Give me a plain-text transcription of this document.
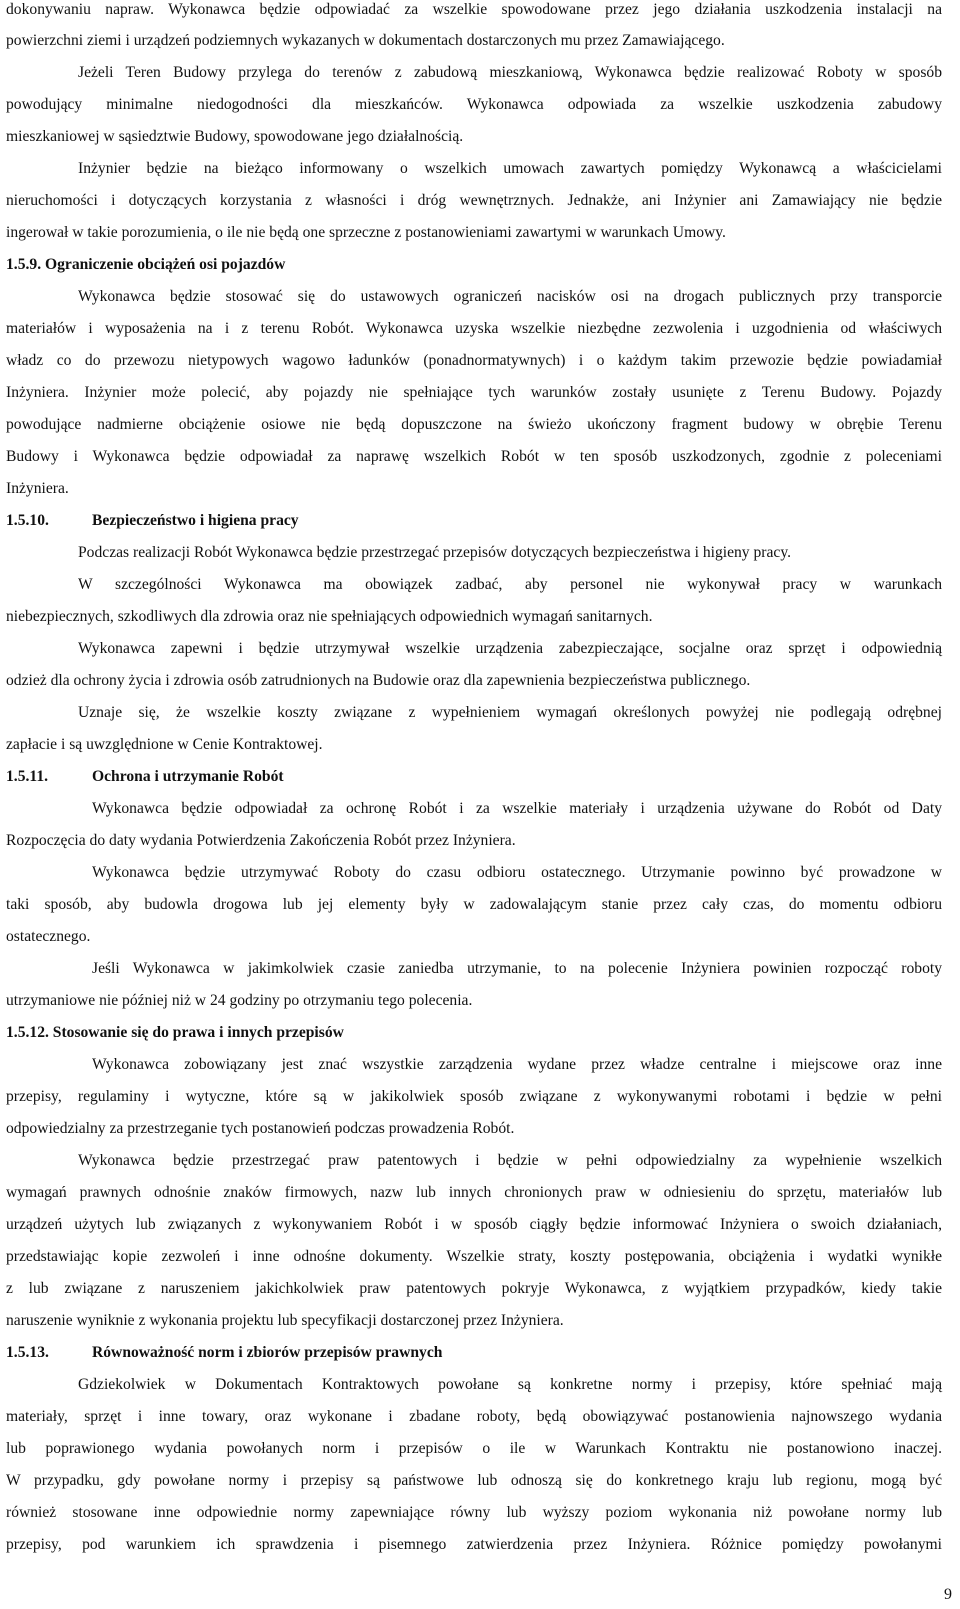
dokonywaniu napraw. Wykonawca będzie odpowiadać za wszelkie spowodowane przez jego działania uszkodzenia instalacji na
powierzchni ziemi i urządzeń podziemnych wykazanych w dokumentach dostarczonych mu przez Zamawiającego.
Jeżeli Teren Budowy przylega do terenów z zabudową mieszkaniową, Wykonawca będzie realizować Roboty w sposób
powodujący minimalne niedogodności dla mieszkańców. Wykonawca odpowiada za wszelkie uszkodzenia zabudowy
mieszkaniowej w sąsiedztwie Budowy, spowodowane jego działalnością.
Inżynier będzie na bieżąco informowany o wszelkich umowach zawartych pomiędzy Wykonawcą a właścicielami
nieruchomości i dotyczących korzystania z własności i dróg wewnętrznych. Jednakże, ani Inżynier ani Zamawiający nie będzie
ingerował w takie porozumienia, o ile nie będą one sprzeczne z postanowieniami zawartymi w warunkach Umowy.
1.5.9. Ograniczenie obciążeń osi pojazdów
Wykonawca będzie stosować się do ustawowych ograniczeń nacisków osi na drogach publicznych przy transporcie
materiałów i wyposażenia na i z terenu Robót. Wykonawca uzyska wszelkie niezbędne zezwolenia i uzgodnienia od właściwych
władz co do przewozu nietypowych wagowo ładunków (ponadnormatywnych) i o każdym takim przewozie będzie powiadamiał
Inżyniera. Inżynier może polecić, aby pojazdy nie spełniające tych warunków zostały usunięte z Terenu Budowy. Pojazdy
powodujące nadmierne obciążenie osiowe nie będą dopuszczone na świeżo ukończony fragment budowy w obrębie Terenu
Budowy i Wykonawca będzie odpowiadał za naprawę wszelkich Robót w ten sposób uszkodzonych, zgodnie z poleceniami
Inżyniera.
1.5.10.	Bezpieczeństwo i higiena pracy
Podczas realizacji Robót Wykonawca będzie przestrzegać przepisów dotyczących bezpieczeństwa i higieny pracy.
W szczególności Wykonawca ma obowiązek zadbać, aby personel nie wykonywał pracy w warunkach
niebezpiecznych, szkodliwych dla zdrowia oraz nie spełniających odpowiednich wymagań sanitarnych.
Wykonawca zapewni i będzie utrzymywał wszelkie urządzenia zabezpieczające, socjalne oraz sprzęt i odpowiednią
odzież dla ochrony życia i zdrowia osób zatrudnionych na Budowie oraz dla zapewnienia bezpieczeństwa publicznego.
Uznaje się, że wszelkie koszty związane z wypełnieniem wymagań określonych powyżej nie podlegają odrębnej
zapłacie i są uwzględnione w Cenie Kontraktowej.
1.5.11.	Ochrona i utrzymanie Robót
Wykonawca będzie odpowiadał za ochronę Robót i za wszelkie materiały i urządzenia używane do Robót od Daty
Rozpoczęcia do daty wydania Potwierdzenia Zakończenia Robót przez Inżyniera.
Wykonawca będzie utrzymywać Roboty do czasu odbioru ostatecznego. Utrzymanie powinno być prowadzone w
taki sposób, aby budowla drogowa lub jej elementy były w zadowalającym stanie przez cały czas, do momentu odbioru
ostatecznego.
Jeśli Wykonawca w jakimkolwiek czasie zaniedba utrzymanie, to na polecenie Inżyniera powinien rozpocząć roboty
utrzymaniowe nie później niż w 24 godziny po otrzymaniu tego polecenia.
1.5.12. Stosowanie się do prawa i innych przepisów
Wykonawca zobowiązany jest znać wszystkie zarządzenia wydane przez władze centralne i miejscowe oraz inne
przepisy, regulaminy i wytyczne, które są w jakikolwiek sposób związane z wykonywanymi robotami i będzie w pełni
odpowiedzialny za przestrzeganie tych postanowień podczas prowadzenia Robót.
Wykonawca będzie przestrzegać praw patentowych i będzie w pełni odpowiedzialny za wypełnienie wszelkich
wymagań prawnych odnośnie znaków firmowych, nazw lub innych chronionych praw w odniesieniu do sprzętu, materiałów lub
urządzeń użytych lub związanych z wykonywaniem Robót i w sposób ciągły będzie informować Inżyniera o swoich działaniach,
przedstawiając kopie zezwoleń i inne odnośne dokumenty. Wszelkie straty, koszty postępowania, obciążenia i wydatki wynikłe
z lub związane z naruszeniem jakichkolwiek praw patentowych pokryje Wykonawca, z wyjątkiem przypadków, kiedy takie
naruszenie wyniknie z wykonania projektu lub specyfikacji dostarczonej przez Inżyniera.
1.5.13.	Równoważność norm i zbiorów przepisów prawnych
Gdziekolwiek w Dokumentach Kontraktowych powołane są konkretne normy i przepisy, które spełniać mają
materiały, sprzęt i inne towary, oraz wykonane i zbadane roboty, będą obowiązywać postanowienia najnowszego wydania
lub poprawionego wydania powołanych norm i przepisów o ile w Warunkach Kontraktu nie postanowiono inaczej.
W przypadku, gdy powołane normy i przepisy są państwowe lub odnoszą się do konkretnego kraju lub regionu, mogą być
również stosowane inne odpowiednie normy zapewniające równy lub wyższy poziom wykonania niż powołane normy lub
przepisy, pod warunkiem ich sprawdzenia i pisemnego zatwierdzenia przez Inżyniera. Różnice pomiędzy powołanymi
9
